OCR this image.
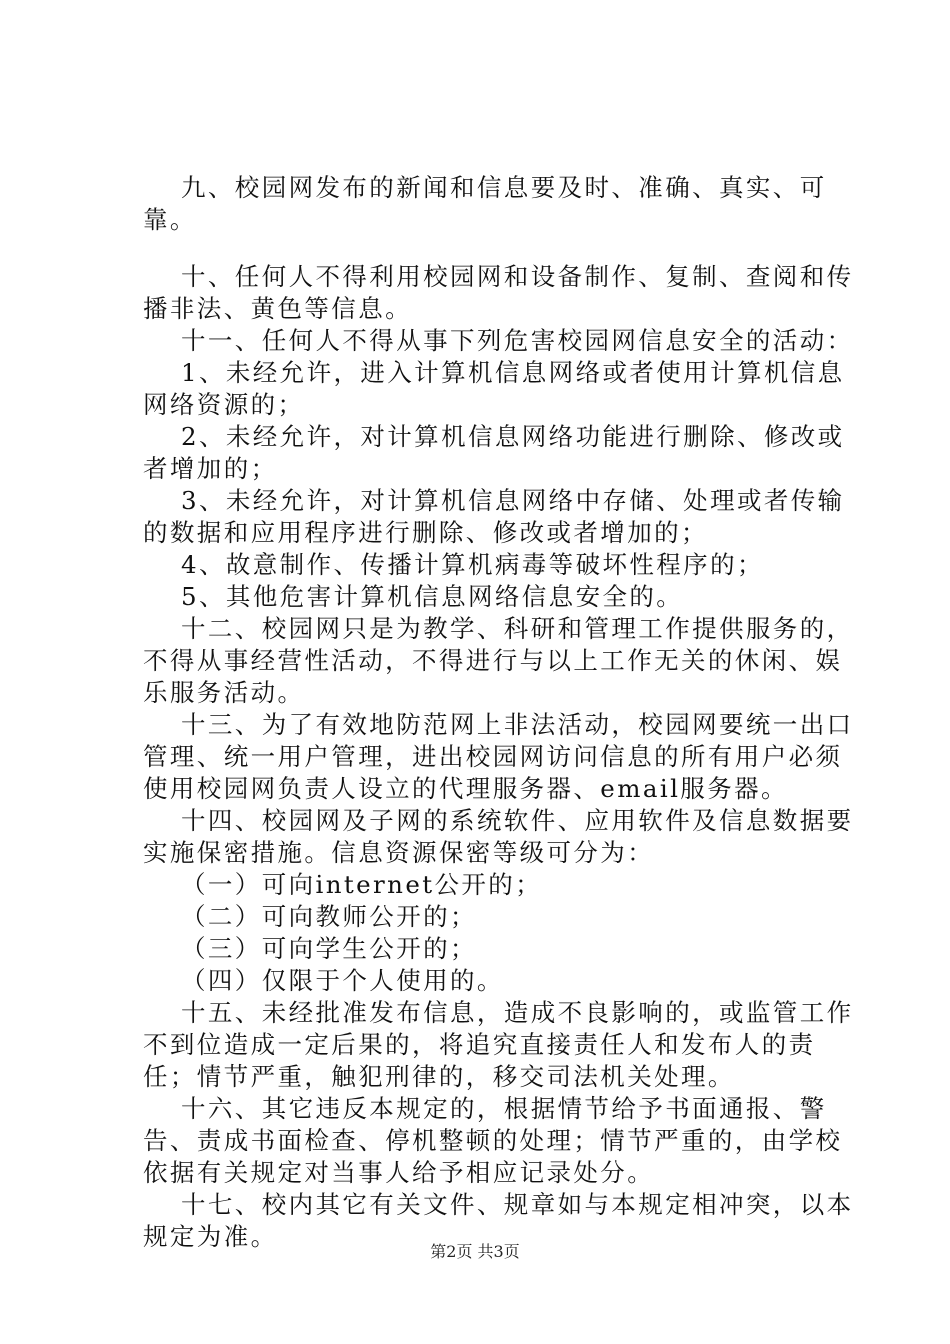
九、校园网发布的新闻和信息要及时、准确、真实、可靠。

十、任何人不得利用校园网和设备制作、复制、查阅和传播非法、黄色等信息。

十一、任何人不得从事下列危害校园网信息安全的活动：

1、未经允许，进入计算机信息网络或者使用计算机信息网络资源的；

2、未经允许，对计算机信息网络功能进行删除、修改或者增加的；

3、未经允许，对计算机信息网络中存储、处理或者传输的数据和应用程序进行删除、修改或者增加的；

4、故意制作、传播计算机病毒等破坏性程序的；

5、其他危害计算机信息网络信息安全的。

十二、校园网只是为教学、科研和管理工作提供服务的，不得从事经营性活动，不得进行与以上工作无关的休闲、娱乐服务活动。

十三、为了有效地防范网上非法活动，校园网要统一出口管理、统一用户管理，进出校园网访问信息的所有用户必须使用校园网负责人设立的代理服务器、email服务器。

十四、校园网及子网的系统软件、应用软件及信息数据要实施保密措施。信息资源保密等级可分为：

（一）可向internet公开的；

（二）可向教师公开的；

（三）可向学生公开的；

（四）仅限于个人使用的。

十五、未经批准发布信息，造成不良影响的，或监管工作不到位造成一定后果的，将追究直接责任人和发布人的责任；情节严重，触犯刑律的，移交司法机关处理。

十六、其它违反本规定的，根据情节给予书面通报、警告、责成书面检查、停机整顿的处理；情节严重的，由学校依据有关规定对当事人给予相应记录处分。

十七、校内其它有关文件、规章如与本规定相冲突，以本规定为准。

第2页 共3页
